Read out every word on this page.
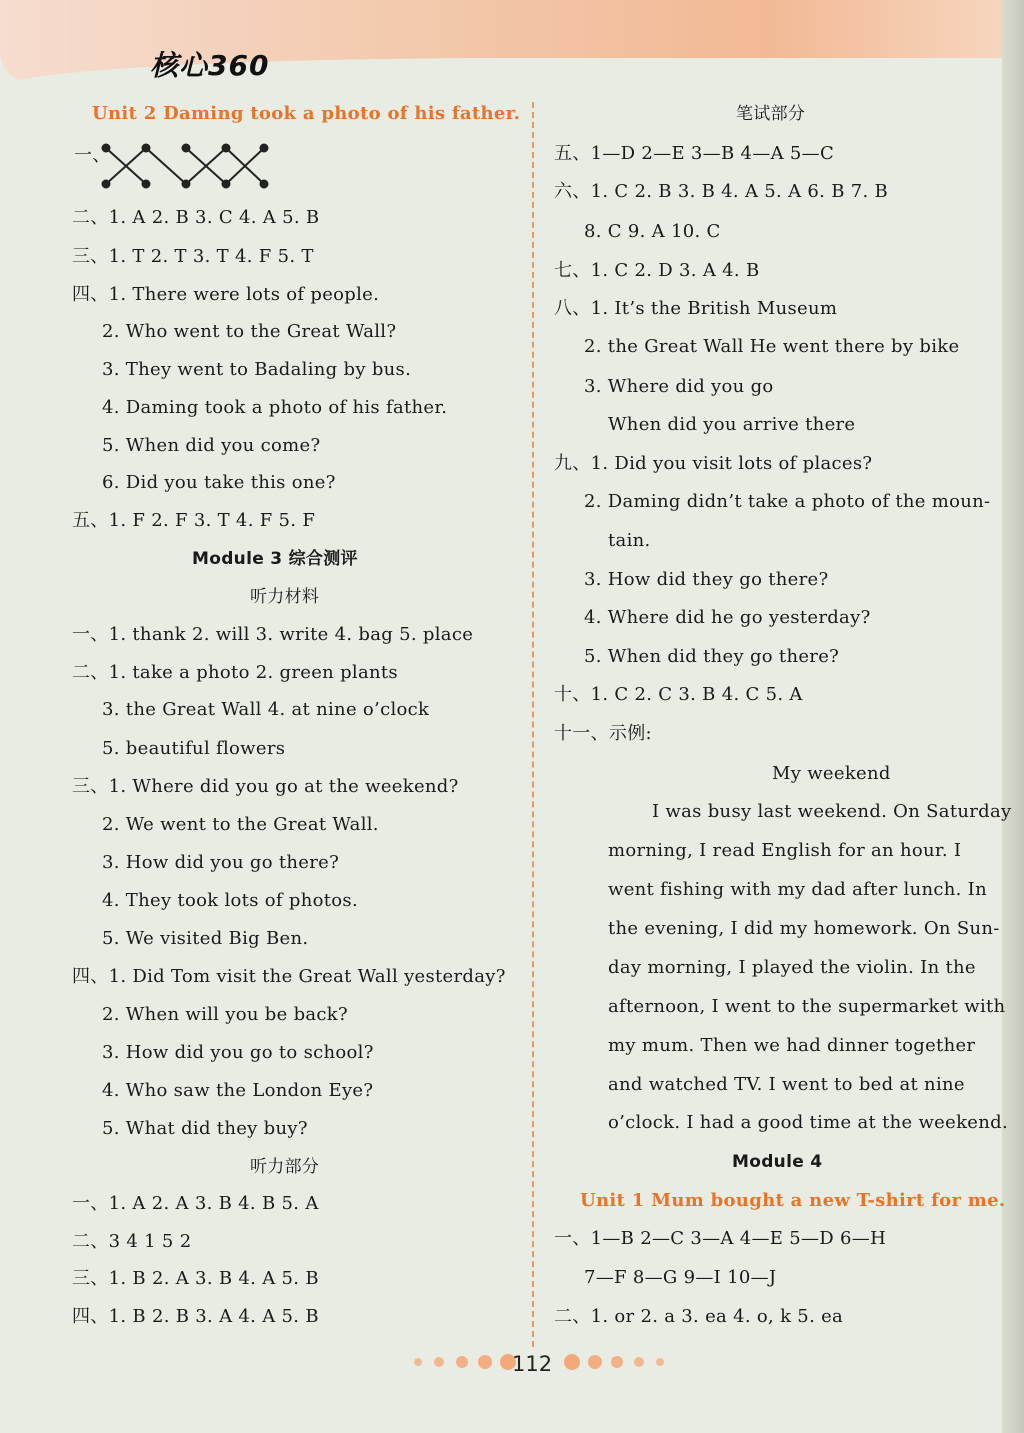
核心360
Unit 2 Daming took a photo of his father.
一、
二、1. A 2. B 3. C 4. A 5. B
三、1. T 2. T 3. T 4. F 5. T
四、1. There were lots of people.
2. Who went to the Great Wall?
3. They went to Badaling by bus.
4. Daming took a photo of his father.
5. When did you come?
6. Did you take this one?
五、1. F 2. F 3. T 4. F 5. F
Module 3 综合测评
听力材料
一、1. thank 2. will 3. write 4. bag 5. place
二、1. take a photo 2. green plants
3. the Great Wall 4. at nine o’clock
5. beautiful flowers
三、1. Where did you go at the weekend?
2. We went to the Great Wall.
3. How did you go there?
4. They took lots of photos.
5. We visited Big Ben.
四、1. Did Tom visit the Great Wall yesterday?
2. When will you be back?
3. How did you go to school?
4. Who saw the London Eye?
5. What did they buy?
听力部分
一、1. A 2. A 3. B 4. B 5. A
二、3 4 1 5 2
三、1. B 2. A 3. B 4. A 5. B
四、1. B 2. B 3. A 4. A 5. B
笔试部分
五、1—D 2—E 3—B 4—A 5—C
六、1. C 2. B 3. B 4. A 5. A 6. B 7. B
8. C 9. A 10. C
七、1. C 2. D 3. A 4. B
八、1. It’s the British Museum
2. the Great Wall He went there by bike
3. Where did you go
When did you arrive there
九、1. Did you visit lots of places?
2. Daming didn’t take a photo of the moun-
tain.
3. How did they go there?
4. Where did he go yesterday?
5. When did they go there?
十、1. C 2. C 3. B 4. C 5. A
十一、示例:
My weekend
I was busy last weekend. On Saturday
morning, I read English for an hour. I
went fishing with my dad after lunch. In
the evening, I did my homework. On Sun-
day morning, I played the violin. In the
afternoon, I went to the supermarket with
my mum. Then we had dinner together
and watched TV. I went to bed at nine
o’clock. I had a good time at the weekend.
Module 4
Unit 1 Mum bought a new T-shirt for me.
一、1—B 2—C 3—A 4—E 5—D 6—H
7—F 8—G 9—I 10—J
二、1. or 2. a 3. ea 4. o, k 5. ea
112
